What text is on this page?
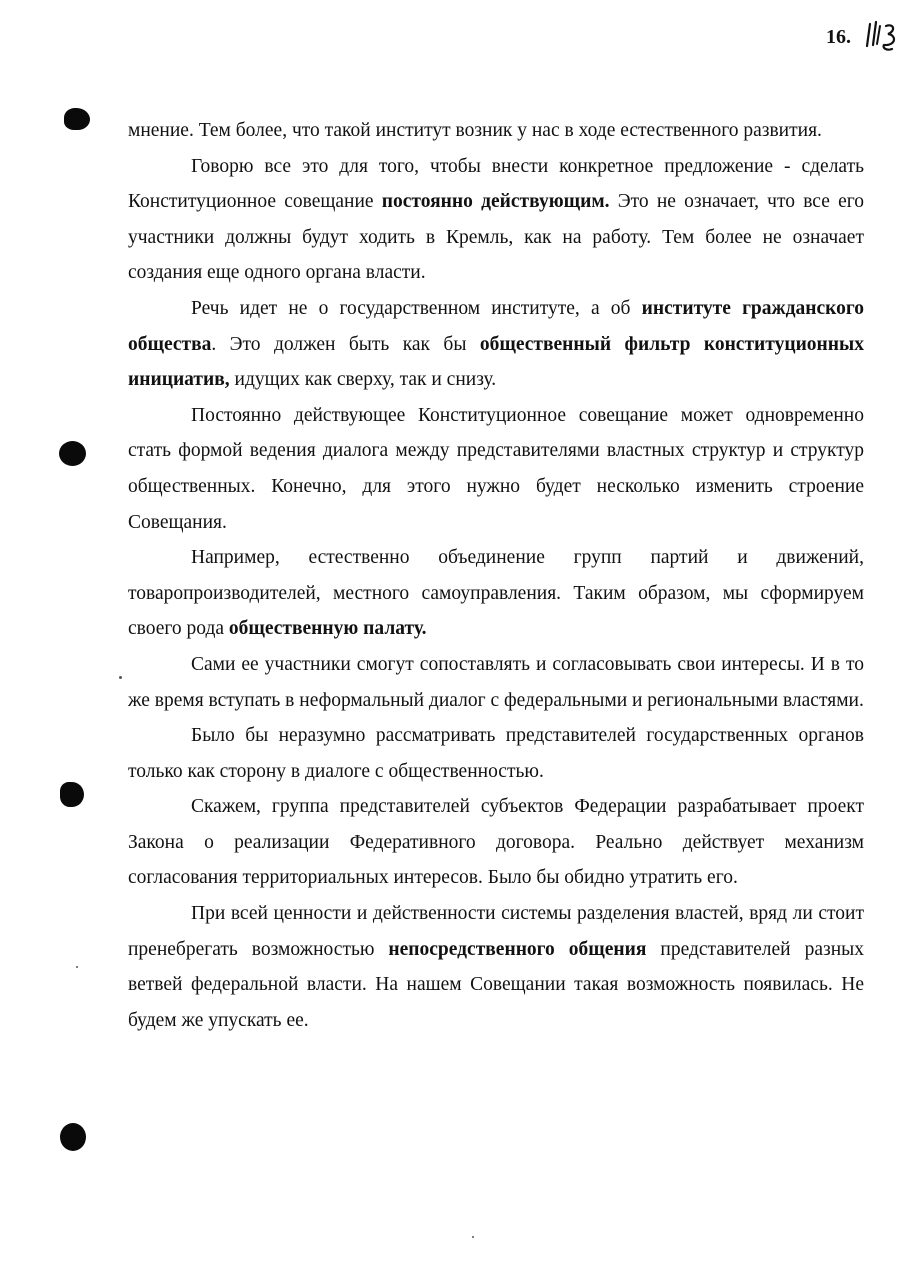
16.

мнение. Тем более, что такой институт возник у нас в ходе естественного развития.

Говорю все это для того, чтобы внести конкретное предложение - сделать Конституционное совещание постоянно действующим. Это не означает, что все его участники должны будут ходить в Кремль, как на работу. Тем более не означает создания еще одного органа власти.

Речь идет не о государственном институте, а об институте гражданского общества. Это должен быть как бы общественный фильтр конституционных инициатив, идущих как сверху, так и снизу.

Постоянно действующее Конституционное совещание может одновременно стать формой ведения диалога между представителями властных структур и структур общественных. Конечно, для этого нужно будет несколько изменить строение Совещания.

Например, естественно объединение групп партий и движений, товаропроизводителей, местного самоуправления. Таким образом, мы сформируем своего рода общественную палату.

Сами ее участники смогут сопоставлять и согласовывать свои интересы. И в то же время вступать в неформальный диалог с федеральными и региональными властями.

Было бы неразумно рассматривать представителей государственных органов только как сторону в диалоге с общественностью.

Скажем, группа представителей субъектов Федерации разрабатывает проект Закона о реализации Федеративного договора. Реально действует механизм согласования территориальных интересов. Было бы обидно утратить его.

При всей ценности и действенности системы разделения властей, вряд ли стоит пренебрегать возможностью непосредственного общения представителей разных ветвей федеральной власти. На нашем Совещании такая возможность появилась. Не будем же упускать ее.
